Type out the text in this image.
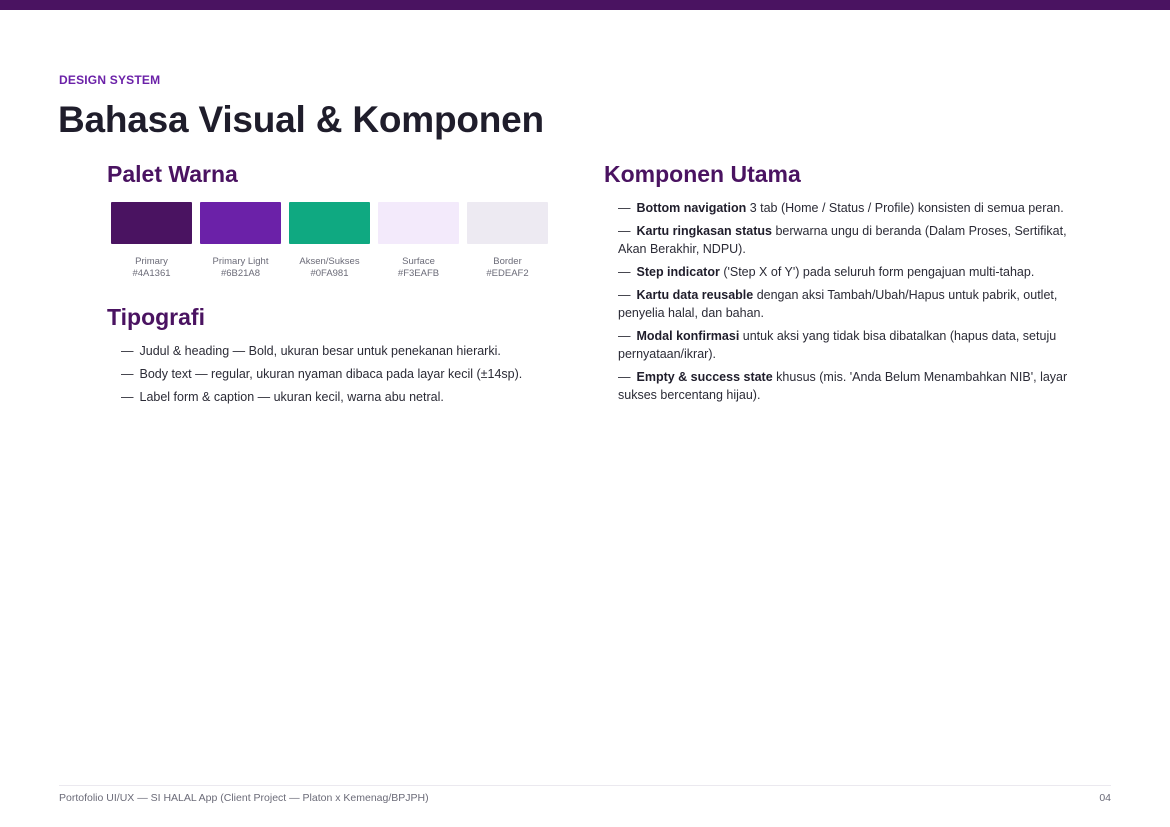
DESIGN SYSTEM
Bahasa Visual & Komponen
Palet Warna
Primary
#4A1361
Primary Light
#6B21A8
Aksen/Sukses
#0FA981
Surface
#F3EAFB
Border
#EDEAF2
Tipografi
— Judul & heading — Bold, ukuran besar untuk penekanan hierarki.
— Body text — regular, ukuran nyaman dibaca pada layar kecil (±14sp).
— Label form & caption — ukuran kecil, warna abu netral.
Komponen Utama
— Bottom navigation 3 tab (Home / Status / Profile) konsisten di semua peran.
— Kartu ringkasan status berwarna ungu di beranda (Dalam Proses, Sertifikat, Akan Berakhir, NDPU).
— Step indicator ('Step X of Y') pada seluruh form pengajuan multi-tahap.
— Kartu data reusable dengan aksi Tambah/Ubah/Hapus untuk pabrik, outlet, penyelia halal, dan bahan.
— Modal konfirmasi untuk aksi yang tidak bisa dibatalkan (hapus data, setuju pernyataan/ikrar).
— Empty & success state khusus (mis. 'Anda Belum Menambahkan NIB', layar sukses bercentang hijau).
Portofolio UI/UX — SI HALAL App (Client Project — Platon x Kemenag/BPJPH)	04
